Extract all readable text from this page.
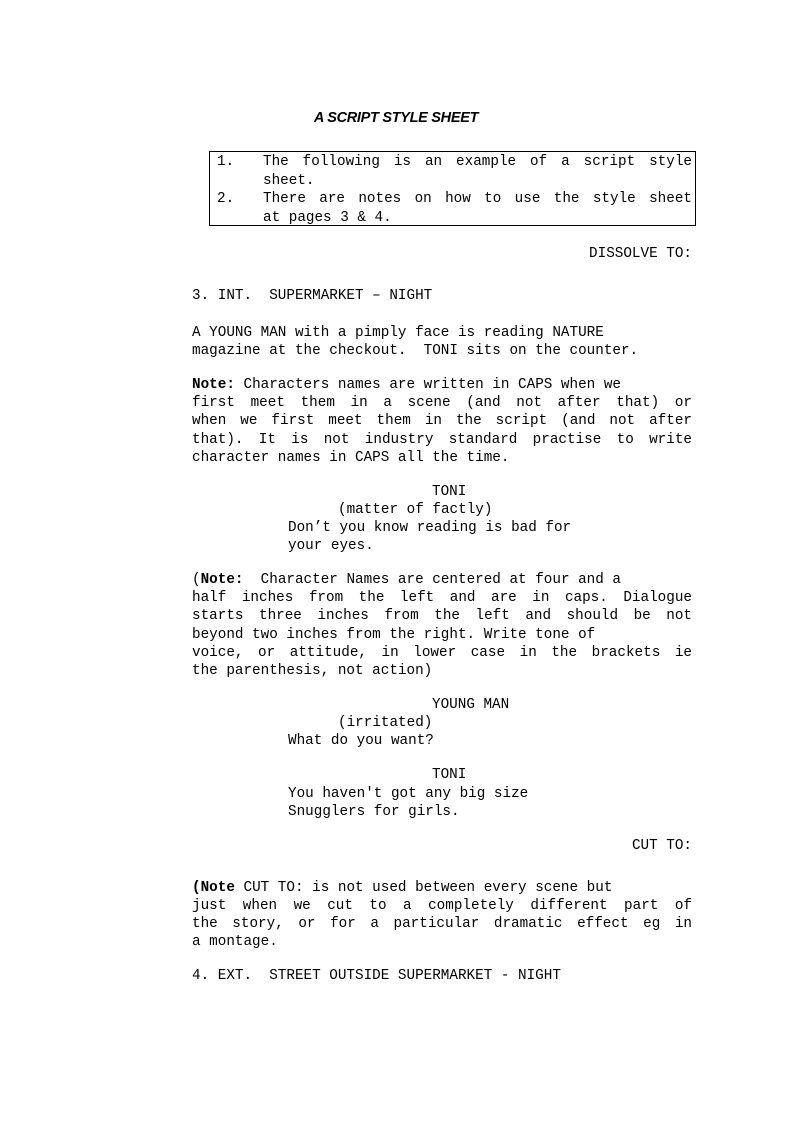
A SCRIPT STYLE SHEET
1. The following is an example of a script style
sheet.
2. There are notes on how to use the style sheet
at pages 3 & 4.
DISSOLVE TO:
3. INT.  SUPERMARKET – NIGHT
A YOUNG MAN with a pimply face is reading NATURE
magazine at the checkout.  TONI sits on the counter.
Note: Characters names are written in CAPS when we
first meet them in a scene (and not after that) or
when we first meet them in the script (and not after
that). It is not industry standard practise to write
character names in CAPS all the time.
TONI
(matter of factly)
Don’t you know reading is bad for
your eyes.
(Note:  Character Names are centered at four and a
half inches from the left and are in caps. Dialogue
starts three inches from the left and should be not
beyond two inches from the right. Write tone of
voice, or attitude, in lower case in the brackets ie
the parenthesis, not action)
YOUNG MAN
(irritated)
What do you want?
TONI
You haven't got any big size
Snugglers for girls.
CUT TO:
(Note CUT TO: is not used between every scene but
just when we cut to a completely different part of
the story, or for a particular dramatic effect eg in
a montage.
4. EXT.  STREET OUTSIDE SUPERMARKET - NIGHT
